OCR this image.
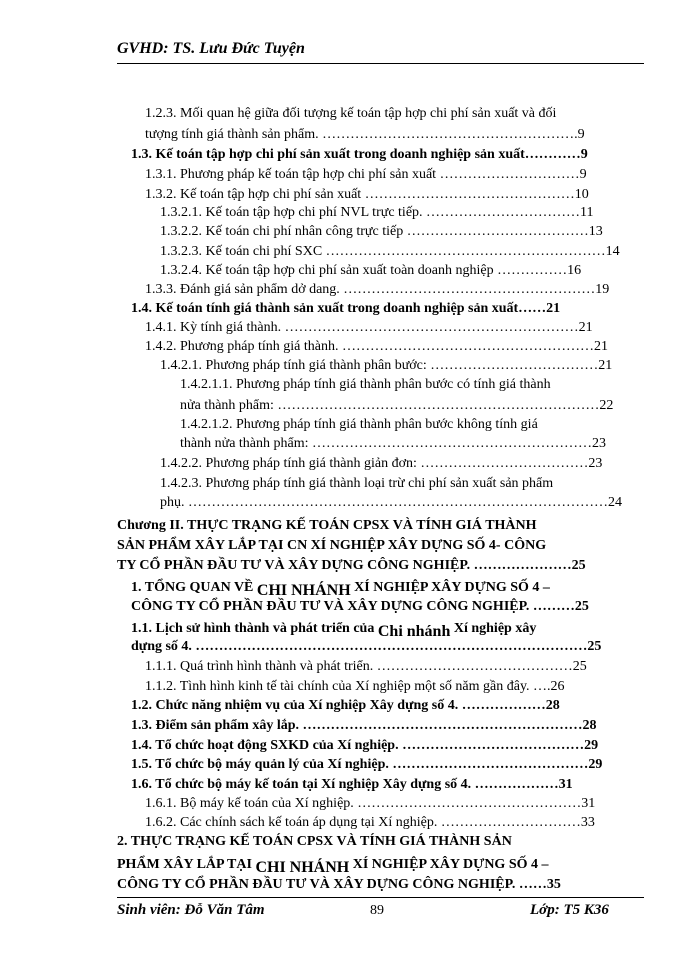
GVHD: TS. Lưu Đức Tuyện
1.2.3. Mối quan hệ giữa đối tượng kế toán tập hợp chi phí sản xuất và đối
tượng tính giá thành sản phẩm. ……………………………………………….9
1.3. Kế toán tập hợp chi phí sản xuất trong doanh nghiệp sản xuất…………9
1.3.1. Phương pháp kế toán tập hợp chi phí sản xuất …………………………9
1.3.2. Kế toán tập hợp chi phí sản xuất ………………………………………10
1.3.2.1. Kế toán tập hợp chi phí NVL trực tiếp. ……………………………11
1.3.2.2. Kế toán chi phí nhân công trực tiếp …………………………………13
1.3.2.3. Kế toán chi phí SXC ……………………………………………………14
1.3.2.4. Kế toán tập hợp chi phí sản xuất toàn doanh nghiệp ……………16
1.3.3. Đánh giá sản phẩm dở dang. ………………………………………………19
1.4. Kế toán tính giá thành sản xuất trong doanh nghiệp sản xuất……21
1.4.1. Kỳ tính giá thành. ………………………………………………………21
1.4.2. Phương pháp tính giá thành. ………………………………………………21
1.4.2.1. Phương pháp tính giá thành phân bước: ………………………………21
1.4.2.1.1. Phương pháp tính giá thành phân bước có tính giá thành
nửa thành phẩm: ……………………………………………………………22
1.4.2.1.2. Phương pháp tính giá thành phân bước không tính giá
thành nửa thành phẩm: ……………………………………………………23
1.4.2.2. Phương pháp tính giá thành giản đơn: ………………………………23
1.4.2.3. Phương pháp tính giá thành loại trừ chi phí sản xuất sản phẩm
phụ. ………………………………………………………………………………24
Chương II. THỰC TRẠNG KẾ TOÁN CPSX VÀ TÍNH GIÁ THÀNH
SẢN PHẨM XÂY LẮP TẠI CN XÍ NGHIỆP XÂY DỰNG SỐ 4- CÔNG
TY CỔ PHẦN ĐẦU TƯ VÀ XÂY DỰNG CÔNG NGHIỆP. …………………25
1. TỔNG QUAN VỀ CHI NHÁNH XÍ NGHIỆP XÂY DỰNG SỐ 4 –
CÔNG TY CỔ PHẦN ĐẦU TƯ VÀ XÂY DỰNG CÔNG NGHIỆP. ………25
1.1. Lịch sử hình thành và phát triển của Chi nhánh Xí nghiệp xây
dựng số 4. …………………………………………………………………………25
1.1.1. Quá trình hình thành và phát triển. ……………………………………25
1.1.2. Tình hình kinh tế tài chính của Xí nghiệp một số năm gần đây. ….26
1.2. Chức năng nhiệm vụ của Xí nghiệp Xây dựng số 4. ………………28
1.3. Điểm sản phẩm xây lắp. ……………………………………………………28
1.4. Tổ chức hoạt động SXKD của Xí nghiệp. …………………………………29
1.5. Tổ chức bộ máy quản lý của Xí nghiệp. ……………………………………29
1.6. Tổ chức bộ máy kế toán tại Xí nghiệp Xây dựng số 4. ………………31
1.6.1. Bộ máy kế toán của Xí nghiệp. …………………………………………31
1.6.2. Các chính sách kế toán áp dụng tại Xí nghiệp. …………………………33
2. THỰC TRẠNG KẾ TOÁN CPSX VÀ TÍNH GIÁ THÀNH SẢN
PHẨM XÂY LẮP TẠI CHI NHÁNH XÍ NGHIỆP XÂY DỰNG SỐ 4 –
CÔNG TY CỔ PHẦN ĐẦU TƯ VÀ XÂY DỰNG CÔNG NGHIỆP. ……35
Sinh viên: Đỗ Văn Tâm	89	Lớp: T5 K36
